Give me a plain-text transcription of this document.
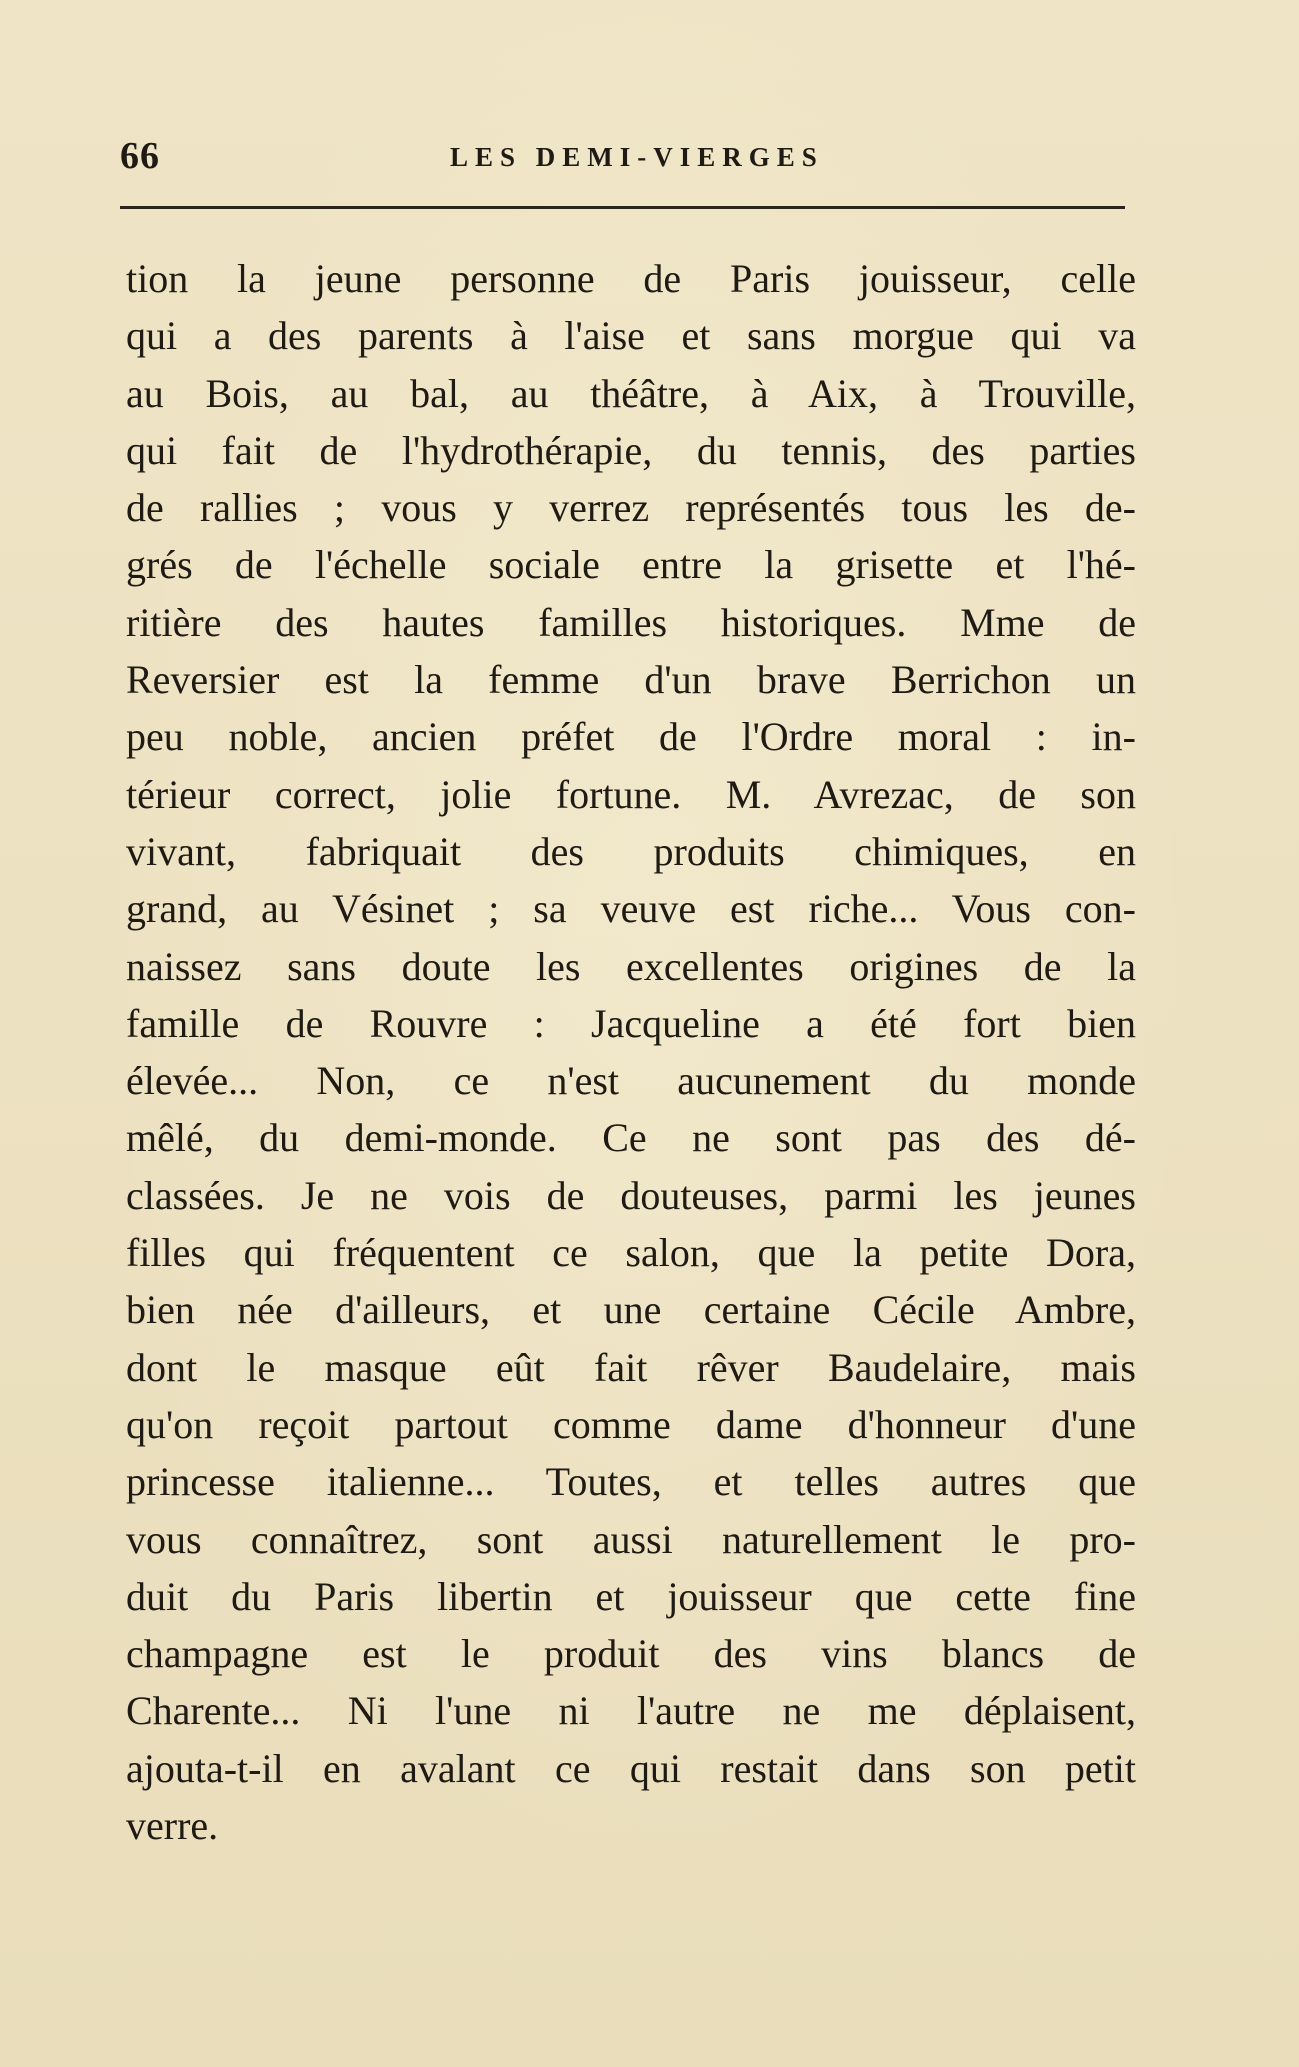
66	LES DEMI-VIERGES
tion la jeune personne de Paris jouisseur, celle
qui a des parents à l'aise et sans morgue qui va
au Bois, au bal, au théâtre, à Aix, à Trouville,
qui fait de l'hydrothérapie, du tennis, des parties
de rallies ; vous y verrez représentés tous les de-
grés de l'échelle sociale entre la grisette et l'hé-
ritière des hautes familles historiques. Mme de
Reversier est la femme d'un brave Berrichon un
peu noble, ancien préfet de l'Ordre moral : in-
térieur correct, jolie fortune. M. Avrezac, de son
vivant, fabriquait des produits chimiques, en
grand, au Vésinet ; sa veuve est riche... Vous con-
naissez sans doute les excellentes origines de la
famille de Rouvre : Jacqueline a été fort bien
élevée... Non, ce n'est aucunement du monde
mêlé, du demi-monde. Ce ne sont pas des dé-
classées. Je ne vois de douteuses, parmi les jeunes
filles qui fréquentent ce salon, que la petite Dora,
bien née d'ailleurs, et une certaine Cécile Ambre,
dont le masque eût fait rêver Baudelaire, mais
qu'on reçoit partout comme dame d'honneur d'une
princesse italienne... Toutes, et telles autres que
vous connaîtrez, sont aussi naturellement le pro-
duit du Paris libertin et jouisseur que cette fine
champagne est le produit des vins blancs de
Charente... Ni l'une ni l'autre ne me déplaisent,
ajouta-t-il en avalant ce qui restait dans son petit
verre.
